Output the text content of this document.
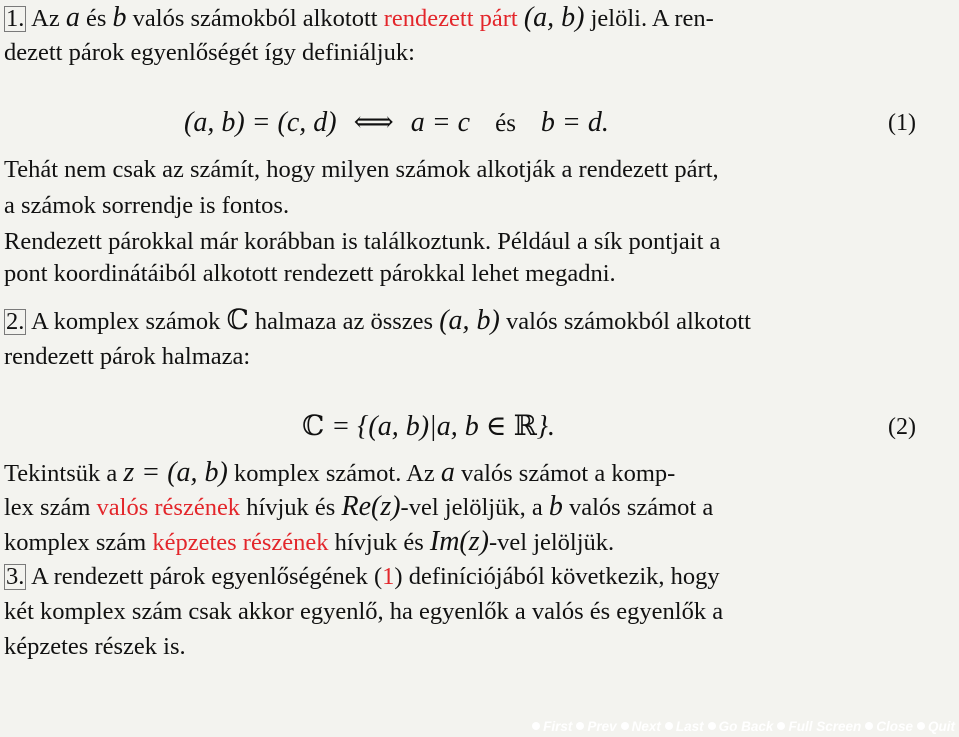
1. Az a és b valós számokból alkotott rendezett párt (a, b) jelöli. A ren-
dezett párok egyenlőségét így definiáljuk:
(a, b) = (c, d) ⟺ a = c és b = d.	(1)
Tehát nem csak az számít, hogy milyen számok alkotják a rendezett párt,
a számok sorrendje is fontos.
Rendezett párokkal már korábban is találkoztunk. Például a sík pontjait a
pont koordinátáiból alkotott rendezett párokkal lehet megadni.
2. A komplex számok ℂ halmaza az összes (a, b) valós számokból alkotott
rendezett párok halmaza:
ℂ = {(a, b)|a, b ∈ ℝ}.	(2)
Tekintsük a z = (a, b) komplex számot. Az a valós számot a komp-
lex szám valós részének hívjuk és Re(z)-vel jelöljük, a b valós számot a
komplex szám képzetes részének hívjuk és Im(z)-vel jelöljük.
3. A rendezett párok egyenlőségének (1) definíciójából következik, hogy
két komplex szám csak akkor egyenlő, ha egyenlők a valós és egyenlők a
képzetes részek is.
First Prev Next Last Go Back Full Screen Close Quit
